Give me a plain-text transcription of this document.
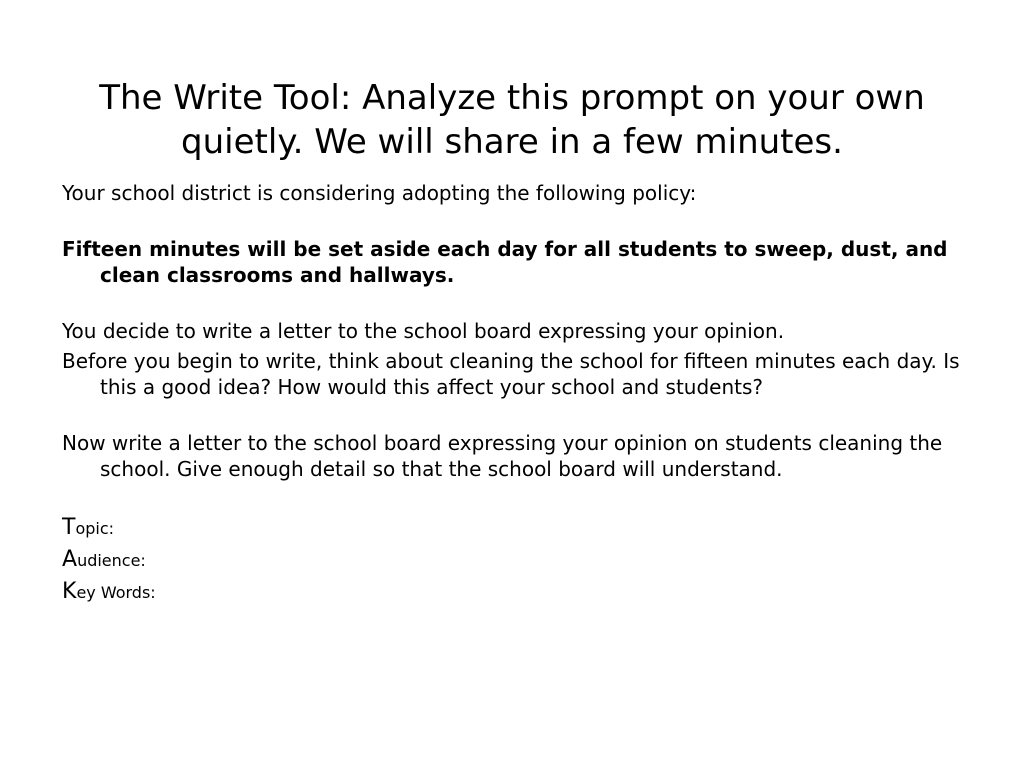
The Write Tool: Analyze this prompt on your own quietly. We will share in a few minutes.

Your school district is considering adopting the following policy:

Fifteen minutes will be set aside each day for all students to sweep, dust, and clean classrooms and hallways.

You decide to write a letter to the school board expressing your opinion.

Before you begin to write, think about cleaning the school for fifteen minutes each day. Is this a good idea? How would this affect your school and students?

Now write a letter to the school board expressing your opinion on students cleaning the school. Give enough detail so that the school board will understand.

Topic:

Audience:

Key Words:
